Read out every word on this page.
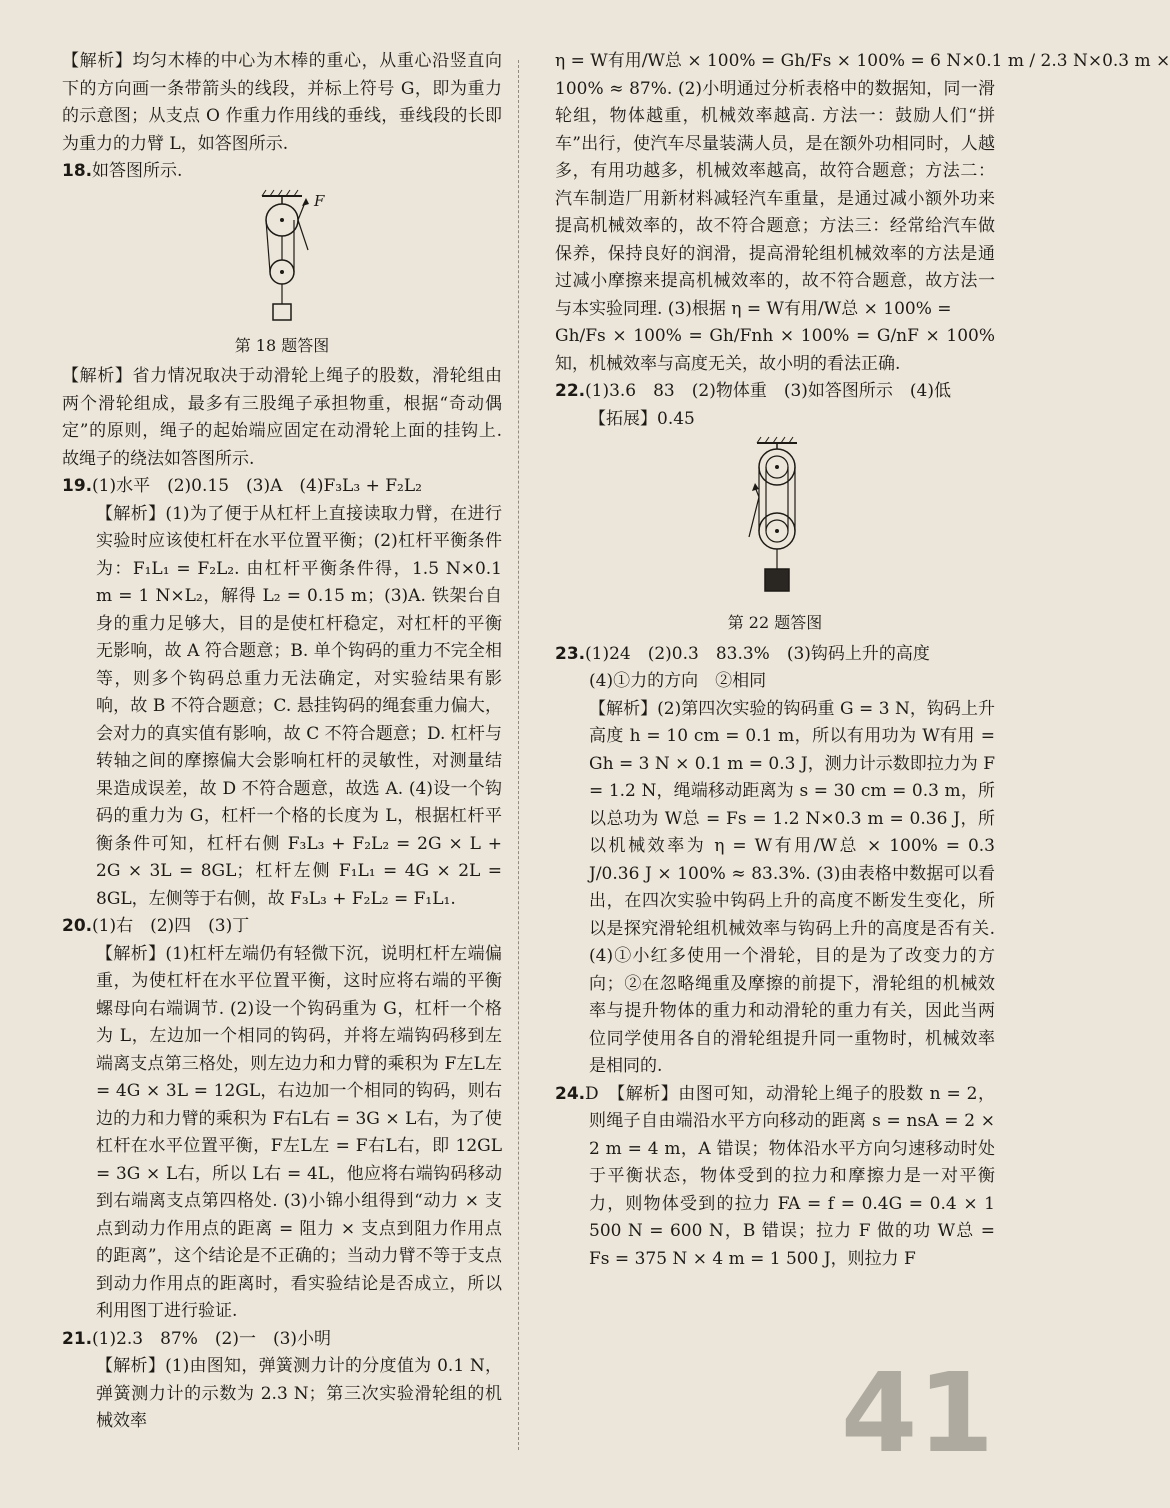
【解析】均匀木棒的中心为木棒的重心，从重心沿竖直向下的方向画一条带箭头的线段，并标上符号 G，即为重力的示意图；从支点 O 作重力作用线的垂线，垂线段的长即为重力的力臂 L，如答图所示.

18.如答图所示.

F
第 18 题答图

【解析】省力情况取决于动滑轮上绳子的股数，滑轮组由两个滑轮组成，最多有三股绳子承担物重，根据“奇动偶定”的原则，绳子的起始端应固定在动滑轮上面的挂钩上. 故绳子的绕法如答图所示.

19.(1)水平　(2)0.15　(3)A　(4)F₃L₃ + F₂L₂

【解析】(1)为了便于从杠杆上直接读取力臂，在进行实验时应该使杠杆在水平位置平衡；(2)杠杆平衡条件为：F₁L₁ = F₂L₂. 由杠杆平衡条件得，1.5 N×0.1 m = 1 N×L₂，解得 L₂ = 0.15 m；(3)A. 铁架台自身的重力足够大，目的是使杠杆稳定，对杠杆的平衡无影响，故 A 符合题意；B. 单个钩码的重力不完全相等，则多个钩码总重力无法确定，对实验结果有影响，故 B 不符合题意；C. 悬挂钩码的绳套重力偏大，会对力的真实值有影响，故 C 不符合题意；D. 杠杆与转轴之间的摩擦偏大会影响杠杆的灵敏性，对测量结果造成误差，故 D 不符合题意，故选 A. (4)设一个钩码的重力为 G，杠杆一个格的长度为 L，根据杠杆平衡条件可知，杠杆右侧 F₃L₃ + F₂L₂ = 2G × L + 2G × 3L = 8GL；杠杆左侧 F₁L₁ = 4G × 2L = 8GL，左侧等于右侧，故 F₃L₃ + F₂L₂ = F₁L₁.

20.(1)右　(2)四　(3)丁

【解析】(1)杠杆左端仍有轻微下沉，说明杠杆左端偏重，为使杠杆在水平位置平衡，这时应将右端的平衡螺母向右端调节. (2)设一个钩码重为 G，杠杆一个格为 L，左边加一个相同的钩码，并将左端钩码移到左端离支点第三格处，则左边力和力臂的乘积为 F左L左 = 4G × 3L = 12GL，右边加一个相同的钩码，则右边的力和力臂的乘积为 F右L右 = 3G × L右，为了使杠杆在水平位置平衡，F左L左 = F右L右，即 12GL = 3G × L右，所以 L右 = 4L，他应将右端钩码移动到右端离支点第四格处. (3)小锦小组得到“动力 × 支点到动力作用点的距离 = 阻力 × 支点到阻力作用点的距离”，这个结论是不正确的；当动力臂不等于支点到动力作用点的距离时，看实验结论是否成立，所以利用图丁进行验证.

21.(1)2.3　87%　(2)一　(3)小明

【解析】(1)由图知，弹簧测力计的分度值为 0.1 N，弹簧测力计的示数为 2.3 N；第三次实验滑轮组的机械效率

η = W有用/W总 × 100% = Gh/Fs × 100% = 6 N×0.1 m / 2.3 N×0.3 m ×

100% ≈ 87%. (2)小明通过分析表格中的数据知，同一滑轮组，物体越重，机械效率越高. 方法一：鼓励人们“拼车”出行，使汽车尽量装满人员，是在额外功相同时，人越多，有用功越多，机械效率越高，故符合题意；方法二：汽车制造厂用新材料减轻汽车重量，是通过减小额外功来提高机械效率的，故不符合题意；方法三：经常给汽车做保养，保持良好的润滑，提高滑轮组机械效率的方法是通过减小摩擦来提高机械效率的，故不符合题意，故方法一与本实验同理. (3)根据 η = W有用/W总 × 100% =

Gh/Fs × 100% = Gh/Fnh × 100% = G/nF × 100% 知，机械效率与高度无关，故小明的看法正确.

22.(1)3.6　83　(2)物体重　(3)如答图所示　(4)低

【拓展】0.45

第 22 题答图

23.(1)24　(2)0.3　83.3%　(3)钩码上升的高度

(4)①力的方向　②相同

【解析】(2)第四次实验的钩码重 G = 3 N，钩码上升高度 h = 10 cm = 0.1 m，所以有用功为 W有用 = Gh = 3 N × 0.1 m = 0.3 J，测力计示数即拉力为 F = 1.2 N，绳端移动距离为 s = 30 cm = 0.3 m，所以总功为 W总 = Fs = 1.2 N×0.3 m = 0.36 J，所以机械效率为 η = W有用/W总 × 100% = 0.3 J/0.36 J × 100% ≈ 83.3%. (3)由表格中数据可以看出，在四次实验中钩码上升的高度不断发生变化，所以是探究滑轮组机械效率与钩码上升的高度是否有关. (4)①小红多使用一个滑轮，目的是为了改变力的方向；②在忽略绳重及摩擦的前提下，滑轮组的机械效率与提升物体的重力和动滑轮的重力有关，因此当两位同学使用各自的滑轮组提升同一重物时，机械效率是相同的.

24.D　【解析】由图可知，动滑轮上绳子的股数 n = 2，则绳子自由端沿水平方向移动的距离 s = nsA = 2 × 2 m = 4 m，A 错误；物体沿水平方向匀速移动时处于平衡状态，物体受到的拉力和摩擦力是一对平衡力，则物体受到的拉力 FA = f = 0.4G = 0.4 × 1 500 N = 600 N，B 错误；拉力 F 做的功 W总 = Fs = 375 N × 4 m = 1 500 J，则拉力 F

41
